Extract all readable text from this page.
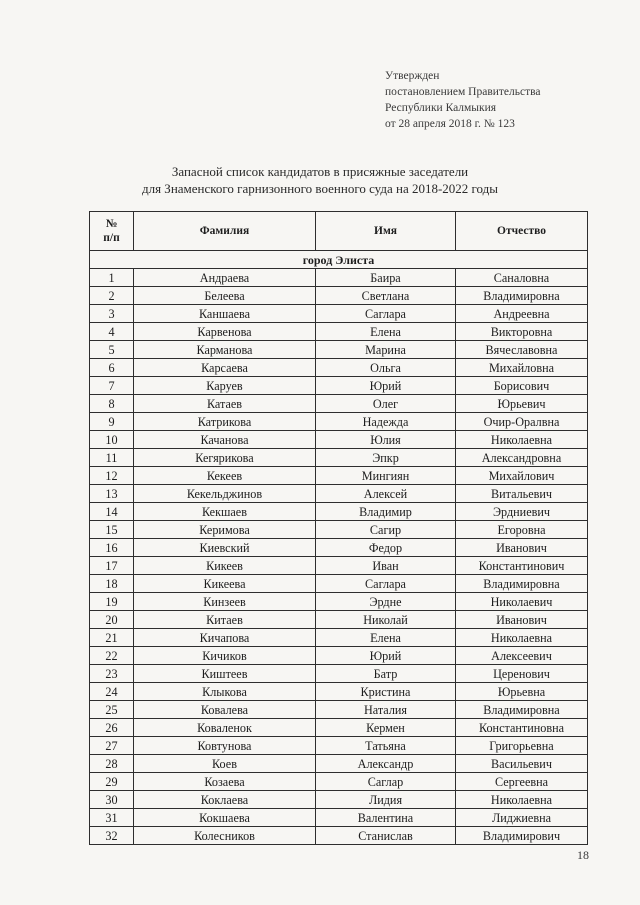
Утвержден
постановлением Правительства
Республики Калмыкия
от 28 апреля 2018 г. № 123
Запасной список кандидатов в присяжные заседатели
для Знаменского гарнизонного военного суда на 2018-2022 годы
№
п/п	Фамилия	Имя	Отчество
город Элиста			
1	Андраева	Баира	Саналовна
2	Белеева	Светлана	Владимировна
3	Каншаева	Саглара	Андреевна
4	Карвенова	Елена	Викторовна
5	Карманова	Марина	Вячеславовна
6	Карсаева	Ольга	Михайловна
7	Каруев	Юрий	Борисович
8	Катаев	Олег	Юрьевич
9	Катрикова	Надежда	Очир-Оралвна
10	Качанова	Юлия	Николаевна
11	Кегярикова	Эпкр	Александровна
12	Кекеев	Мингиян	Михайлович
13	Кекельджинов	Алексей	Витальевич
14	Кекшаев	Владимир	Эрдниевич
15	Керимова	Сагир	Егоровна
16	Киевский	Федор	Иванович
17	Кикеев	Иван	Константинович
18	Кикеева	Саглара	Владимировна
19	Кинзеев	Эрдне	Николаевич
20	Китаев	Николай	Иванович
21	Кичапова	Елена	Николаевна
22	Кичиков	Юрий	Алексеевич
23	Киштеев	Батр	Церенович
24	Клыкова	Кристина	Юрьевна
25	Ковалева	Наталия	Владимировна
26	Коваленок	Кермен	Константиновна
27	Ковтунова	Татьяна	Григорьевна
28	Коев	Александр	Васильевич
29	Козаева	Саглар	Сергеевна
30	Коклаева	Лидия	Николаевна
31	Кокшаева	Валентина	Лиджиевна
32	Колесников	Станислав	Владимирович
18
